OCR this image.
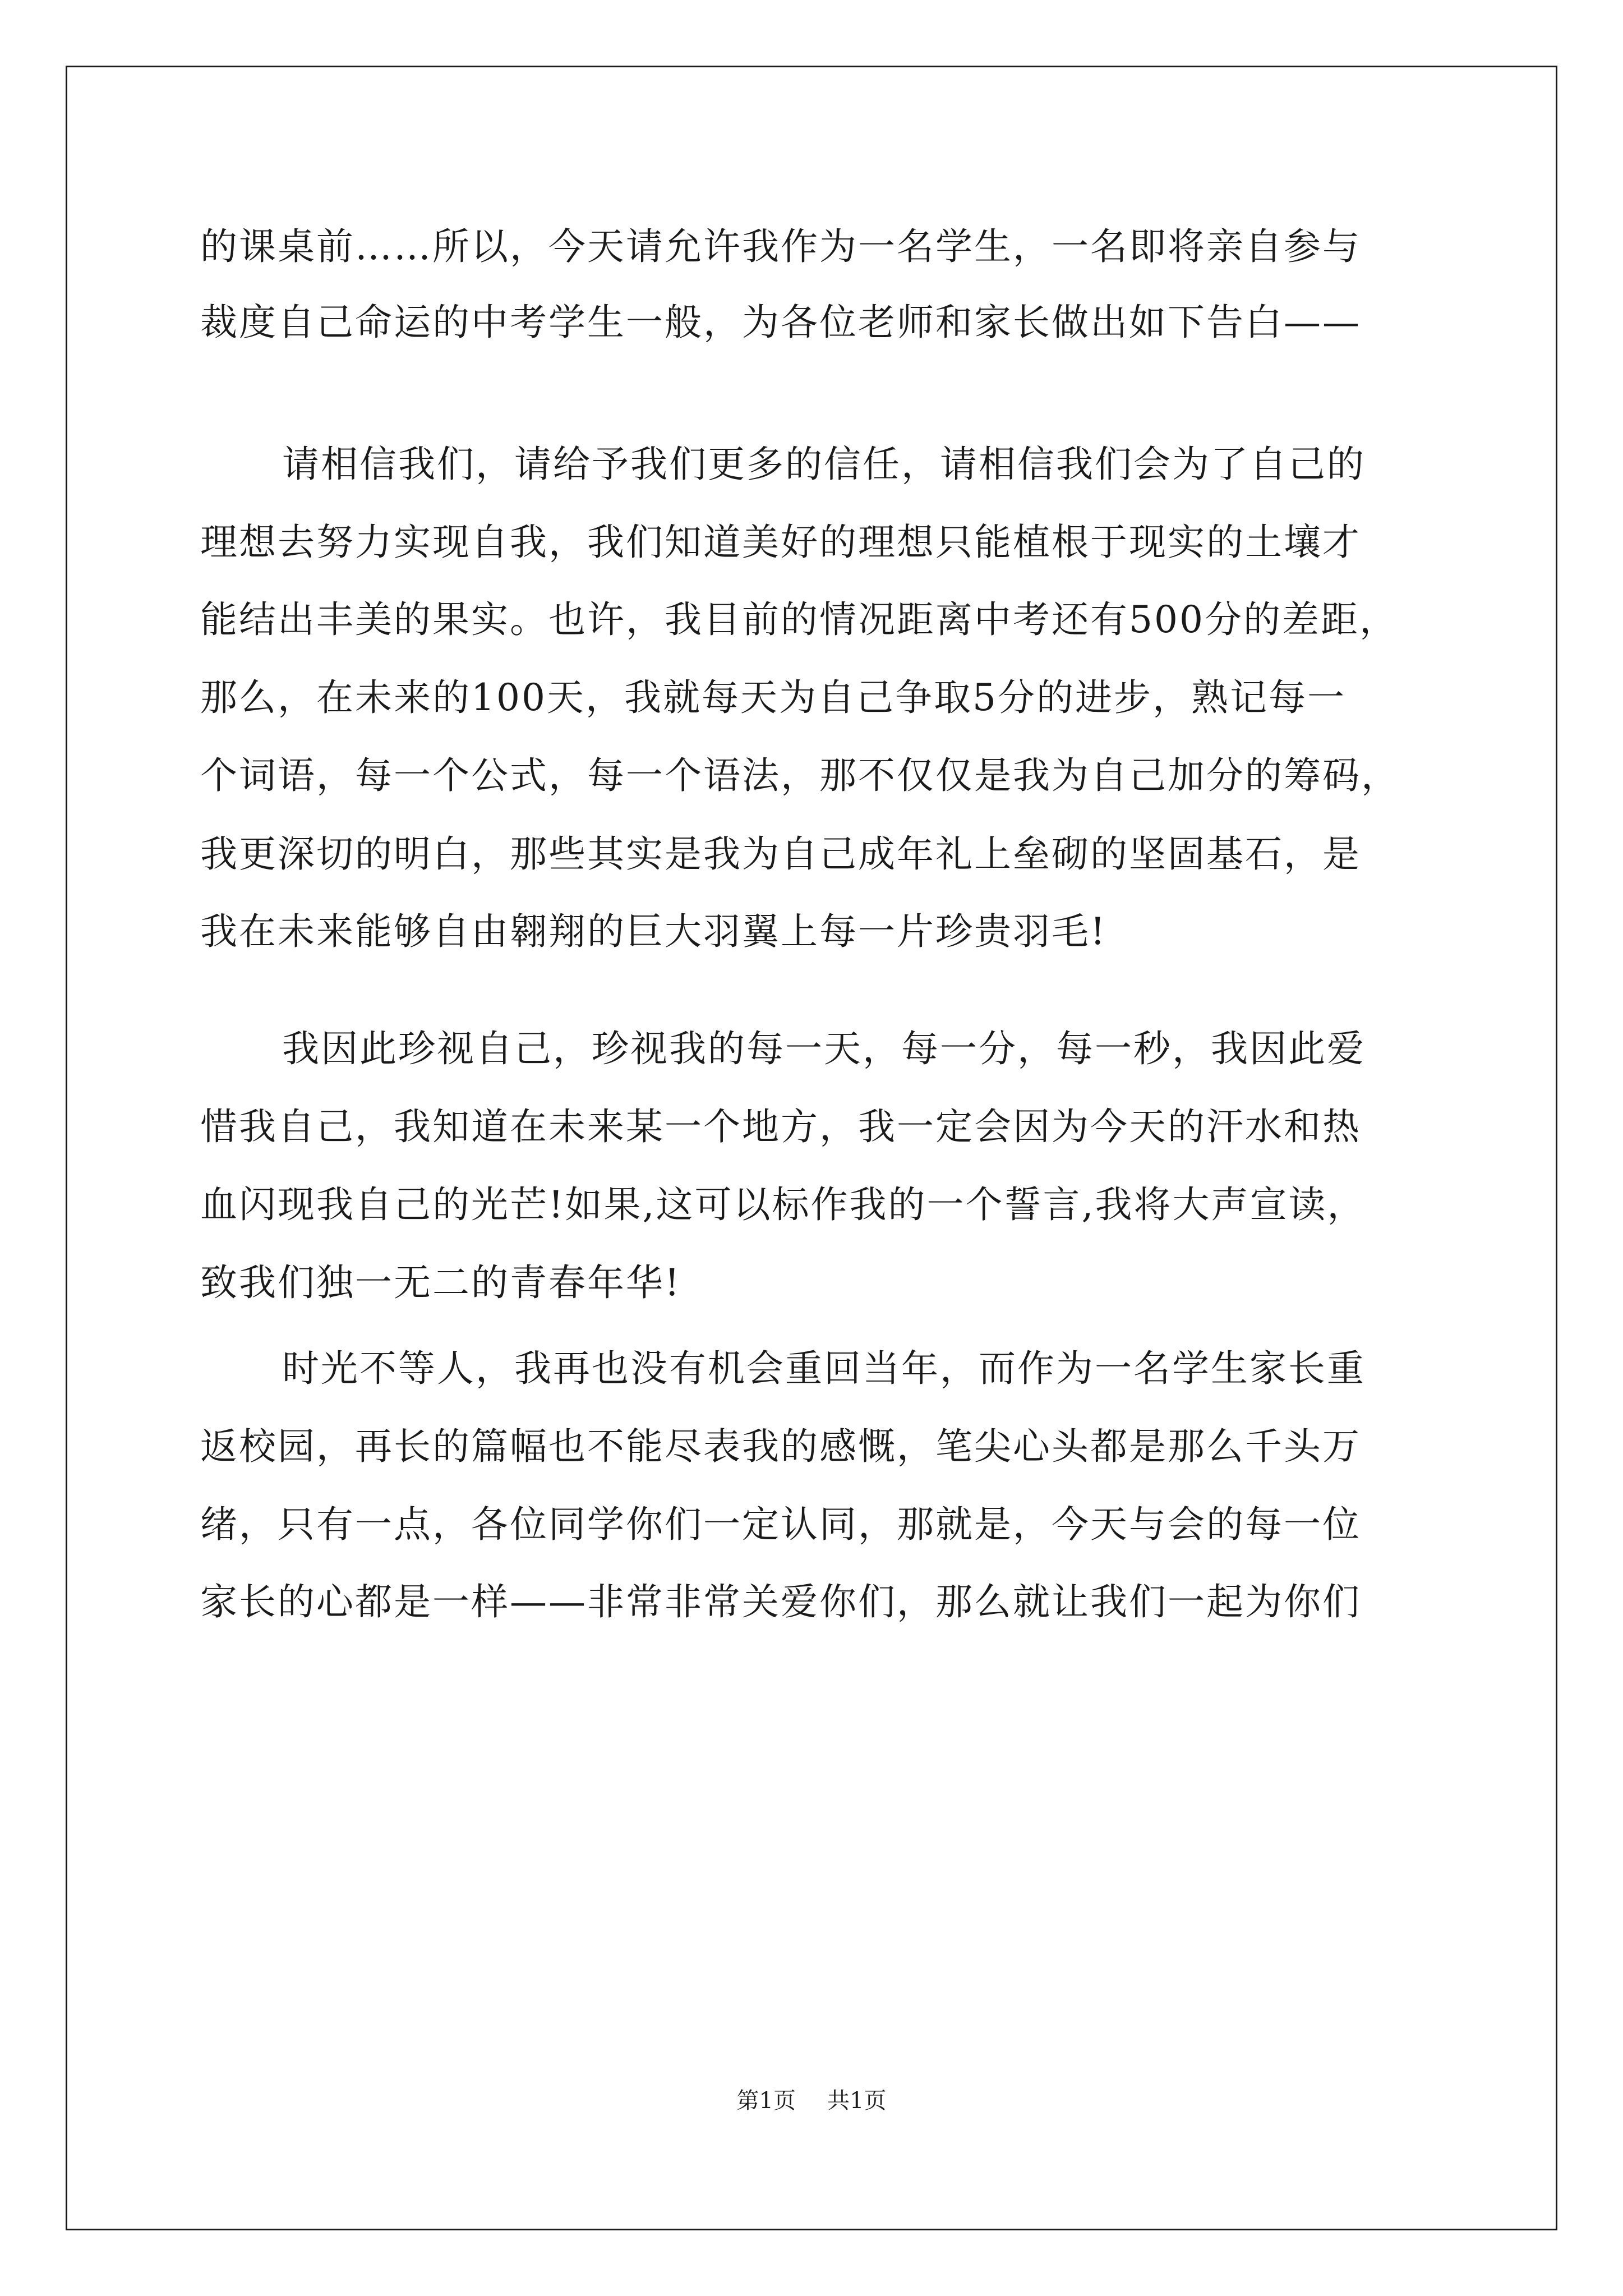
的课桌前……所以，今天请允许我作为一名学生，一名即将亲自参与
裁度自己命运的中考学生一般，为各位老师和家长做出如下告白——
请相信我们，请给予我们更多的信任，请相信我们会为了自己的
理想去努力实现自我，我们知道美好的理想只能植根于现实的土壤才
能结出丰美的果实。也许，我目前的情况距离中考还有500分的差距，
那么，在未来的100天，我就每天为自己争取5分的进步，熟记每一
个词语，每一个公式，每一个语法，那不仅仅是我为自己加分的筹码，
我更深切的明白，那些其实是我为自己成年礼上垒砌的坚固基石，是
我在未来能够自由翱翔的巨大羽翼上每一片珍贵羽毛!
我因此珍视自己，珍视我的每一天，每一分，每一秒，我因此爱
惜我自己，我知道在未来某一个地方，我一定会因为今天的汗水和热
血闪现我自己的光芒!如果,这可以标作我的一个誓言,我将大声宣读，
致我们独一无二的青春年华!
时光不等人，我再也没有机会重回当年，而作为一名学生家长重
返校园，再长的篇幅也不能尽表我的感慨，笔尖心头都是那么千头万
绪，只有一点，各位同学你们一定认同，那就是，今天与会的每一位
家长的心都是一样——非常非常关爱你们，那么就让我们一起为你们
第1页 共1页
